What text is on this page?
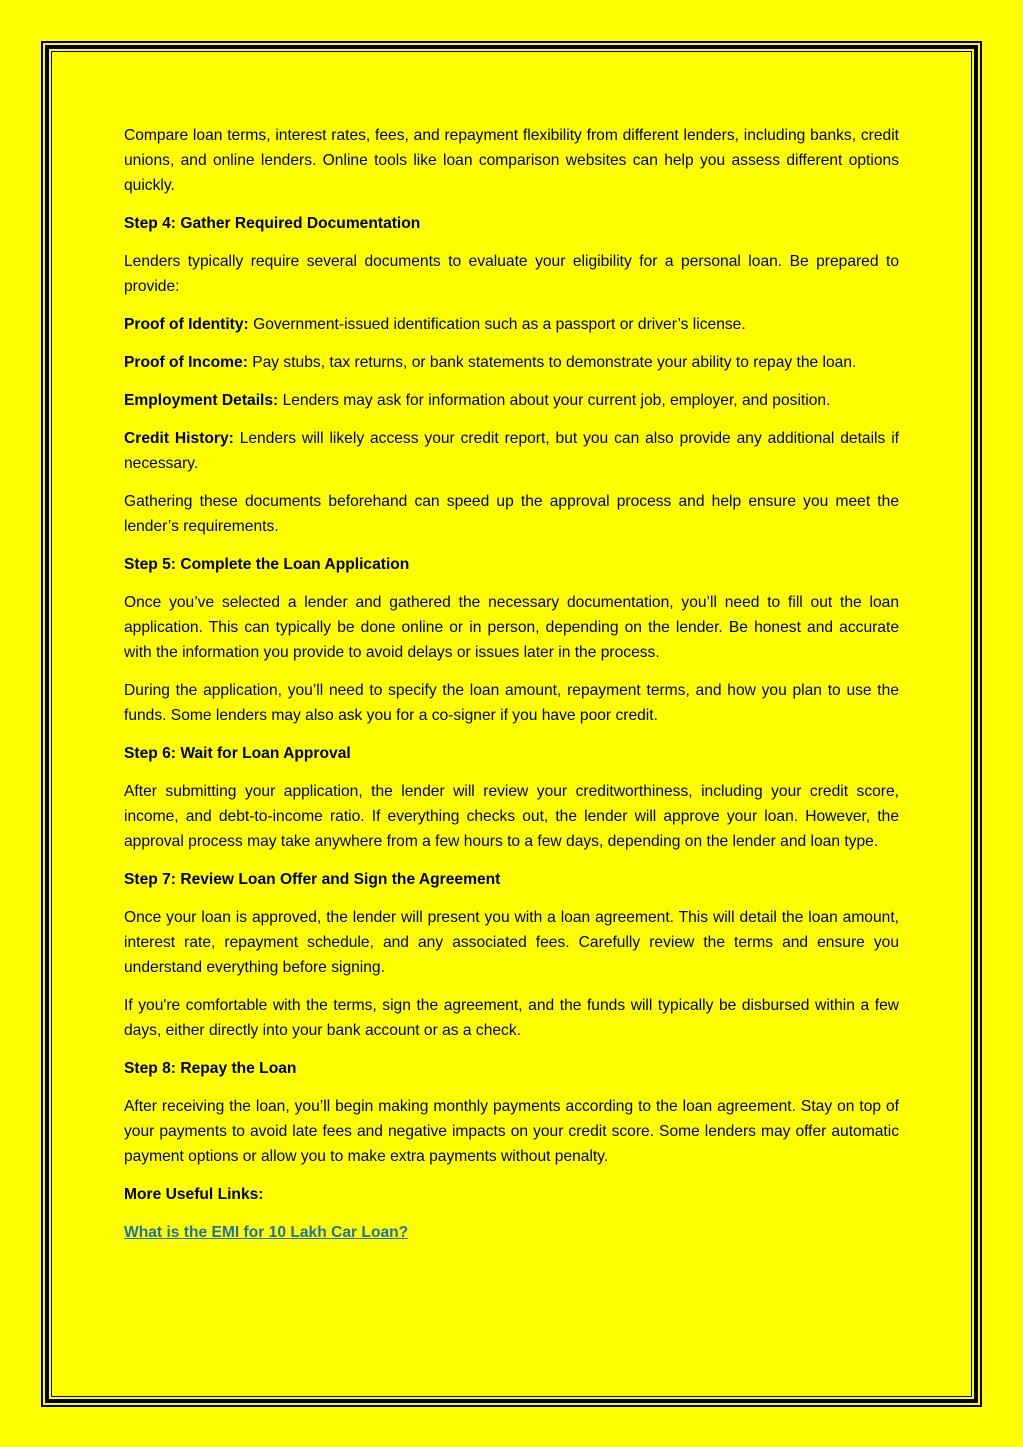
Compare loan terms, interest rates, fees, and repayment flexibility from different lenders, including banks, credit unions, and online lenders. Online tools like loan comparison websites can help you assess different options quickly.

Step 4: Gather Required Documentation

Lenders typically require several documents to evaluate your eligibility for a personal loan. Be prepared to provide:

Proof of Identity: Government-issued identification such as a passport or driver’s license.

Proof of Income: Pay stubs, tax returns, or bank statements to demonstrate your ability to repay the loan.

Employment Details: Lenders may ask for information about your current job, employer, and position.

Credit History: Lenders will likely access your credit report, but you can also provide any additional details if necessary.

Gathering these documents beforehand can speed up the approval process and help ensure you meet the lender’s requirements.

Step 5: Complete the Loan Application

Once you’ve selected a lender and gathered the necessary documentation, you’ll need to fill out the loan application. This can typically be done online or in person, depending on the lender. Be honest and accurate with the information you provide to avoid delays or issues later in the process.

During the application, you’ll need to specify the loan amount, repayment terms, and how you plan to use the funds. Some lenders may also ask you for a co-signer if you have poor credit.

Step 6: Wait for Loan Approval

After submitting your application, the lender will review your creditworthiness, including your credit score, income, and debt-to-income ratio. If everything checks out, the lender will approve your loan. However, the approval process may take anywhere from a few hours to a few days, depending on the lender and loan type.

Step 7: Review Loan Offer and Sign the Agreement

Once your loan is approved, the lender will present you with a loan agreement. This will detail the loan amount, interest rate, repayment schedule, and any associated fees. Carefully review the terms and ensure you understand everything before signing.

If you're comfortable with the terms, sign the agreement, and the funds will typically be disbursed within a few days, either directly into your bank account or as a check.

Step 8: Repay the Loan

After receiving the loan, you’ll begin making monthly payments according to the loan agreement. Stay on top of your payments to avoid late fees and negative impacts on your credit score. Some lenders may offer automatic payment options or allow you to make extra payments without penalty.

More Useful Links:

What is the EMI for 10 Lakh Car Loan?
